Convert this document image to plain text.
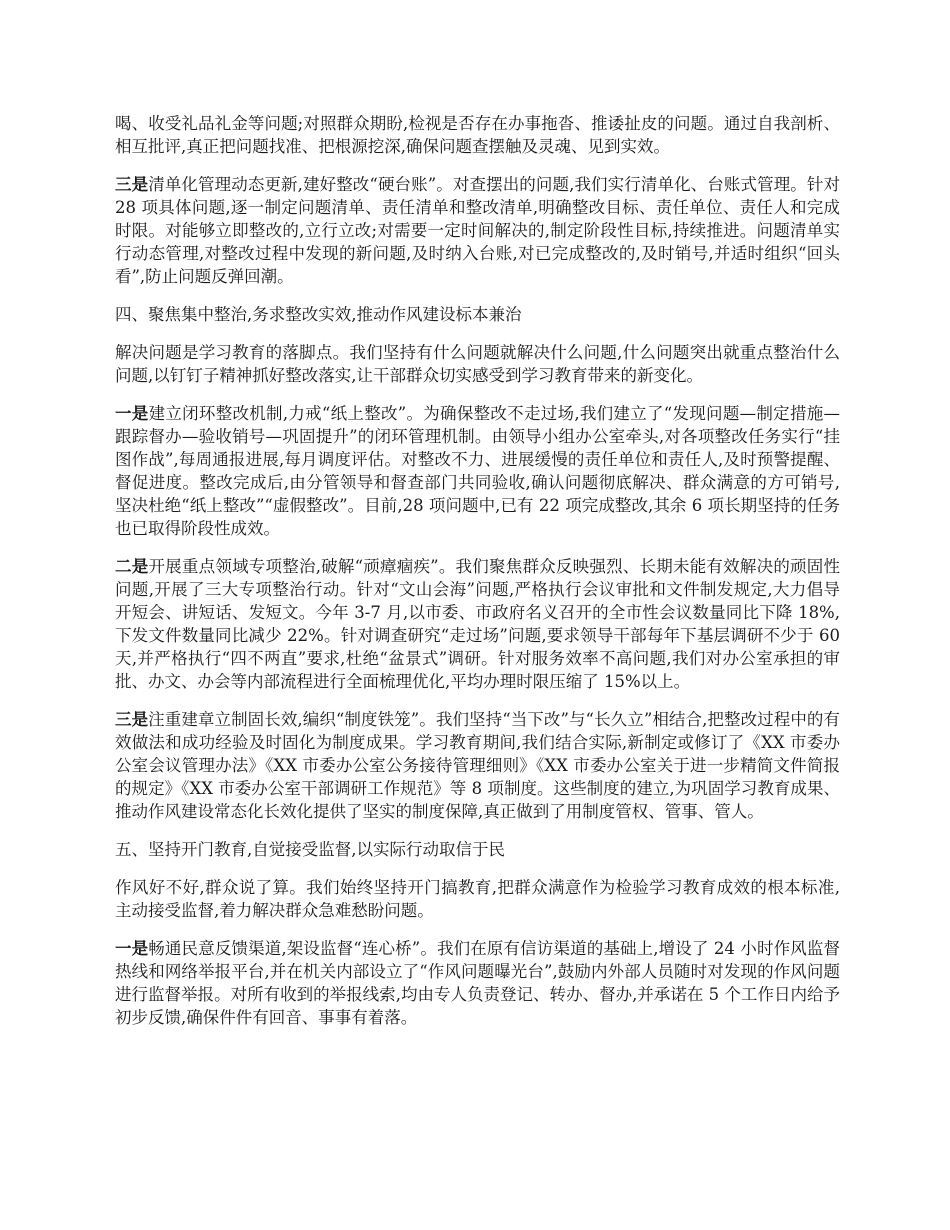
喝、收受礼品礼金等问题;对照群众期盼,检视是否存在办事拖沓、推诿扯皮的问题。通过自我剖析、相互批评,真正把问题找准、把根源挖深,确保问题查摆触及灵魂、见到实效。

三是清单化管理动态更新,建好整改“硬台账”。对查摆出的问题,我们实行清单化、台账式管理。针对 28 项具体问题,逐一制定问题清单、责任清单和整改清单,明确整改目标、责任单位、责任人和完成时限。对能够立即整改的,立行立改;对需要一定时间解决的,制定阶段性目标,持续推进。问题清单实行动态管理,对整改过程中发现的新问题,及时纳入台账,对已完成整改的,及时销号,并适时组织“回头看”,防止问题反弹回潮。

四、聚焦集中整治,务求整改实效,推动作风建设标本兼治

解决问题是学习教育的落脚点。我们坚持有什么问题就解决什么问题,什么问题突出就重点整治什么问题,以钉钉子精神抓好整改落实,让干部群众切实感受到学习教育带来的新变化。

一是建立闭环整改机制,力戒“纸上整改”。为确保整改不走过场,我们建立了“发现问题—制定措施—跟踪督办—验收销号—巩固提升”的闭环管理机制。由领导小组办公室牵头,对各项整改任务实行“挂图作战”,每周通报进展,每月调度评估。对整改不力、进展缓慢的责任单位和责任人,及时预警提醒、督促进度。整改完成后,由分管领导和督查部门共同验收,确认问题彻底解决、群众满意的方可销号,坚决杜绝“纸上整改”“虚假整改”。目前,28 项问题中,已有 22 项完成整改,其余 6 项长期坚持的任务也已取得阶段性成效。

二是开展重点领域专项整治,破解“顽瘴痼疾”。我们聚焦群众反映强烈、长期未能有效解决的顽固性问题,开展了三大专项整治行动。针对“文山会海”问题,严格执行会议审批和文件制发规定,大力倡导开短会、讲短话、发短文。今年 3-7 月,以市委、市政府名义召开的全市性会议数量同比下降 18%,下发文件数量同比减少 22%。针对调查研究“走过场”问题,要求领导干部每年下基层调研不少于 60 天,并严格执行“四不两直”要求,杜绝“盆景式”调研。针对服务效率不高问题,我们对办公室承担的审批、办文、办会等内部流程进行全面梳理优化,平均办理时限压缩了 15%以上。

三是注重建章立制固长效,编织“制度铁笼”。我们坚持“当下改”与“长久立”相结合,把整改过程中的有效做法和成功经验及时固化为制度成果。学习教育期间,我们结合实际,新制定或修订了《XX 市委办公室会议管理办法》《XX 市委办公室公务接待管理细则》《XX 市委办公室关于进一步精简文件简报的规定》《XX 市委办公室干部调研工作规范》等 8 项制度。这些制度的建立,为巩固学习教育成果、推动作风建设常态化长效化提供了坚实的制度保障,真正做到了用制度管权、管事、管人。

五、坚持开门教育,自觉接受监督,以实际行动取信于民

作风好不好,群众说了算。我们始终坚持开门搞教育,把群众满意作为检验学习教育成效的根本标准,主动接受监督,着力解决群众急难愁盼问题。

一是畅通民意反馈渠道,架设监督“连心桥”。我们在原有信访渠道的基础上,增设了 24 小时作风监督热线和网络举报平台,并在机关内部设立了“作风问题曝光台”,鼓励内外部人员随时对发现的作风问题进行监督举报。对所有收到的举报线索,均由专人负责登记、转办、督办,并承诺在 5 个工作日内给予初步反馈,确保件件有回音、事事有着落。
